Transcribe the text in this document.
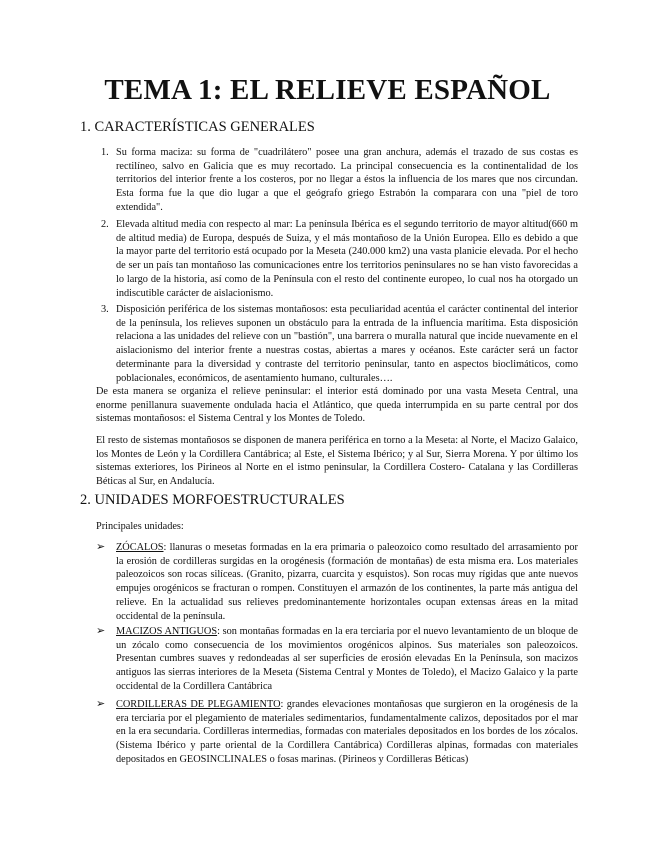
TEMA 1: EL RELIEVE ESPAÑOL
1. CARACTERÍSTICAS GENERALES
1. Su forma maciza: su forma de "cuadrilátero" posee una gran anchura, además el trazado de sus costas es rectilíneo, salvo en Galicia que es muy recortado. La principal consecuencia es la continentalidad de los territorios del interior frente a los costeros, por no llegar a éstos la influencia de los mares que nos circundan. Esta forma fue la que dio lugar a que el geógrafo griego Estrabón la comparara con una "piel de toro extendida".

2. Elevada altitud media con respecto al mar: La península Ibérica es el segundo territorio de mayor altitud(660 m de altitud media) de Europa, después de Suiza, y el más montañoso de la Unión Europea. Ello es debido a que la mayor parte del territorio está ocupado por la Meseta (240.000 km2) una vasta planicie elevada. Por el hecho de ser un país tan montañoso las comunicaciones entre los territorios peninsulares no se han visto favorecidas a lo largo de la historia, así como de la Península con el resto del continente europeo, lo cual nos ha otorgado un indiscutible carácter de aislacionismo.

3. Disposición periférica de los sistemas montañosos: esta peculiaridad acentúa el carácter continental del interior de la península, los relieves suponen un obstáculo para la entrada de la influencia marítima. Esta disposición relaciona a las unidades del relieve con un "bastión", una barrera o muralla natural que incide nuevamente en el aislacionismo del interior frente a nuestras costas, abiertas a mares y océanos. Este carácter será un factor determinante para la diversidad y contraste del territorio peninsular, tanto en aspectos bioclimáticos, como poblacionales, económicos, de asentamiento humano, culturales….

De esta manera se organiza el relieve peninsular: el interior está dominado por una vasta Meseta Central, una enorme penillanura suavemente ondulada hacia el Atlántico, que queda interrumpida en su parte central por dos sistemas montañosos: el Sistema Central y los Montes de Toledo.

El resto de sistemas montañosos se disponen de manera periférica en torno a la Meseta: al Norte, el Macizo Galaico, los Montes de León y la Cordillera Cantábrica; al Este, el Sistema Ibérico; y al Sur, Sierra Morena. Y por último los sistemas exteriores, los Pirineos al Norte en el istmo peninsular, la Cordillera Costero- Catalana y las Cordilleras Béticas al Sur, en Andalucía.

2. UNIDADES MORFOESTRUCTURALES

Principales unidades:

➢ ZÓCALOS: llanuras o mesetas formadas en la era primaria o paleozoico como resultado del arrasamiento por la erosión de cordilleras surgidas en la orogénesis (formación de montañas) de esta misma era. Los materiales paleozoicos son rocas silíceas. (Granito, pizarra, cuarcita y esquistos). Son rocas muy rígidas que ante nuevos empujes orogénicos se fracturan o rompen. Constituyen el armazón de los continentes, la parte más antigua del relieve. En la actualidad sus relieves predominantemente horizontales ocupan extensas áreas en la mitad occidental de la península.

➢ MACIZOS ANTIGUOS: son montañas formadas en la era terciaria por el nuevo levantamiento de un bloque de un zócalo como consecuencia de los movimientos orogénicos alpinos. Sus materiales son paleozoicos. Presentan cumbres suaves y redondeadas al ser superficies de erosión elevadas En la Península, son macizos antiguos las sierras interiores de la Meseta (Sistema Central y Montes de Toledo), el Macizo Galaico y la parte occidental de la Cordillera Cantábrica

➢ CORDILLERAS DE PLEGAMIENTO: grandes elevaciones montañosas que surgieron en la orogénesis de la era terciaria por el plegamiento de materiales sedimentarios, fundamentalmente calizos, depositados por el mar en la era secundaria. Cordilleras intermedias, formadas con materiales depositados en los bordes de los zócalos. (Sistema Ibérico y parte oriental de la Cordillera Cantábrica) Cordilleras alpinas, formadas con materiales depositados en GEOSINCLINALES o fosas marinas. (Pirineos y Cordilleras Béticas)
